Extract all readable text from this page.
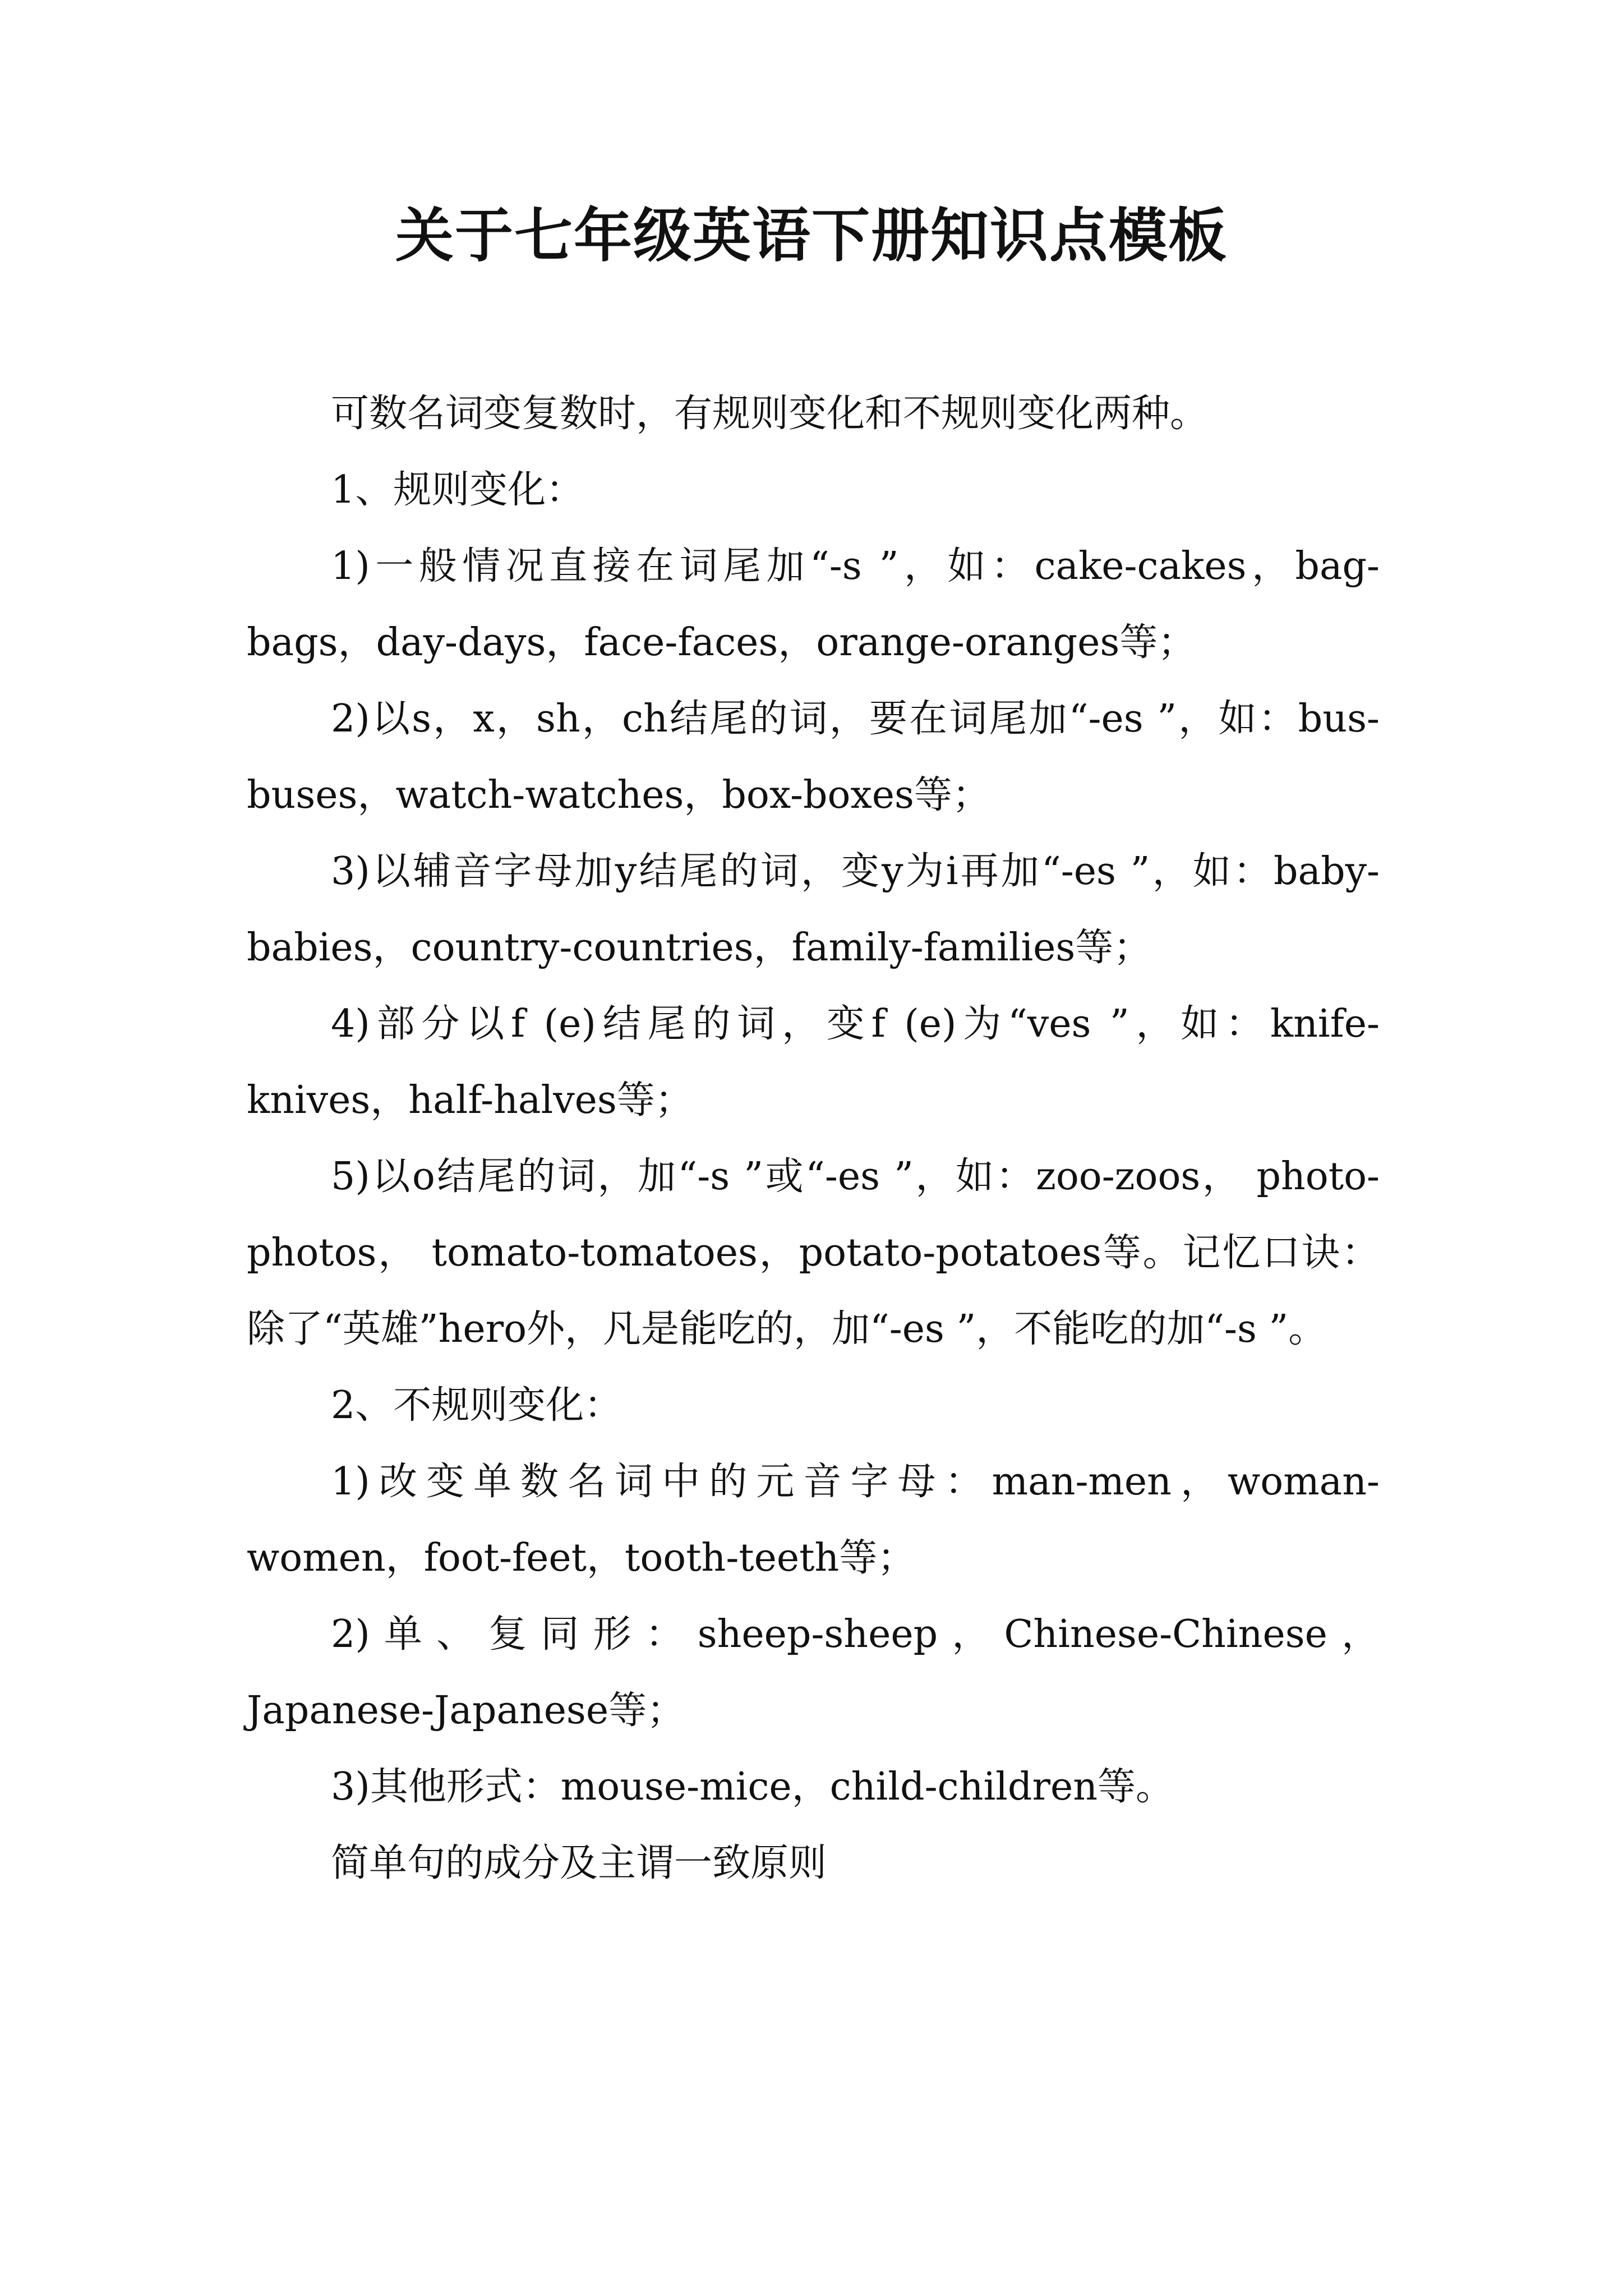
关于七年级英语下册知识点模板

可数名词变复数时，有规则变化和不规则变化两种。

1、规则变化：

1)一般情况直接在词尾加“-s ”，如：cake-cakes，bag-bags，day-days，face-faces，orange-oranges等；

2)以s，x，sh，ch结尾的词，要在词尾加“-es ”，如：bus-buses，watch-watches，box-boxes等；

3)以辅音字母加y结尾的词，变y为i再加“-es ”，如：baby-babies，country-countries，family-families等；

4)部分以f (e)结尾的词，变f (e)为“ves ”，如：knife-knives，half-halves等；

5)以o结尾的词，加“-s ”或“-es ”，如：zoo-zoos， photo-photos， tomato-tomatoes，potato-potatoes等。记忆口诀：除了“英雄”hero外，凡是能吃的，加“-es ”，不能吃的加“-s ”。

2、不规则变化：

1)改变单数名词中的元音字母：man-men，woman-women，foot-feet，tooth-teeth等；

2)单、复同形：sheep-sheep，Chinese-Chinese，Japanese-Japanese等；

3)其他形式：mouse-mice，child-children等。

简单句的成分及主谓一致原则
